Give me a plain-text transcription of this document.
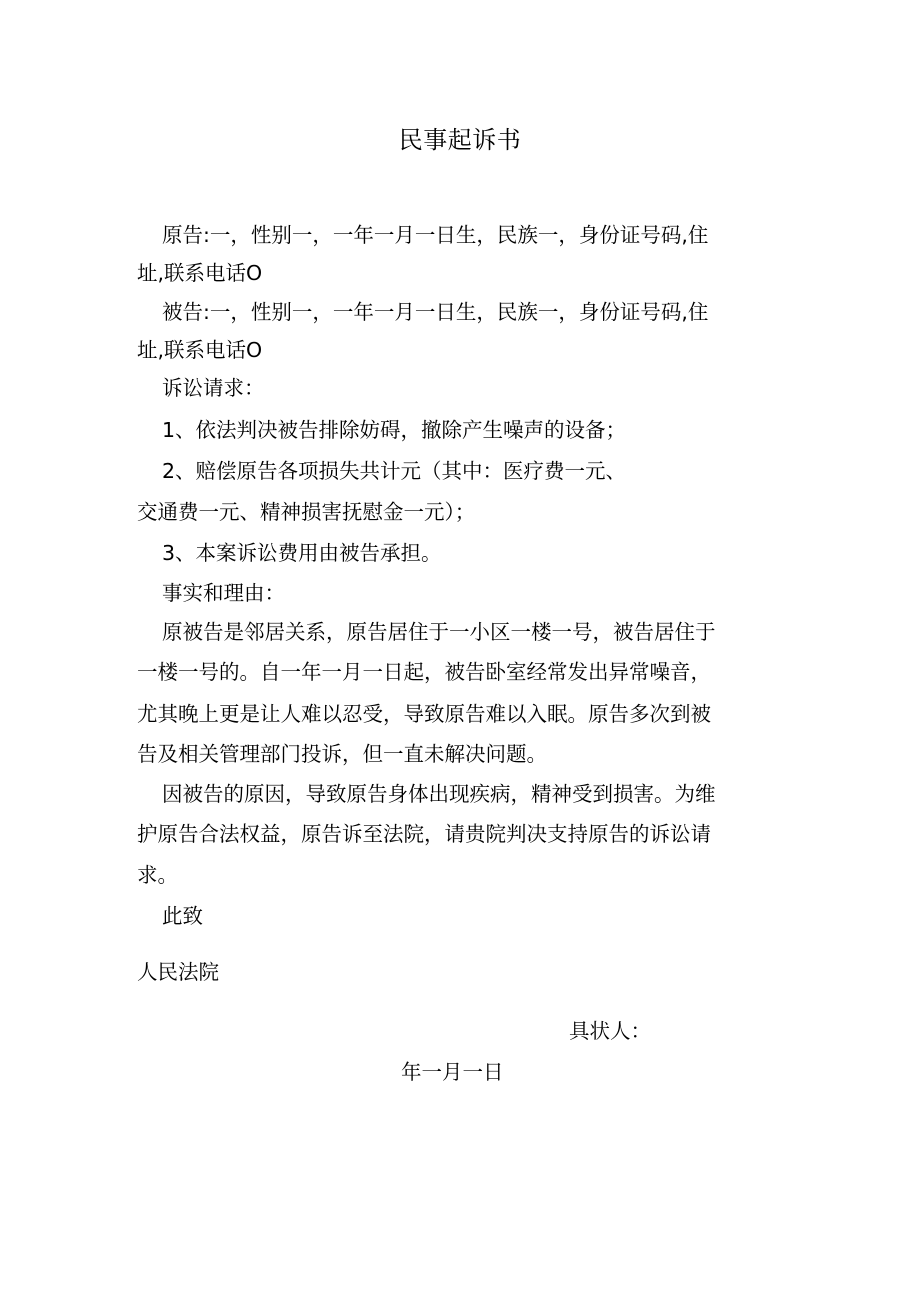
民事起诉书
原告:一，性别一，一年一月一日生，民族一，身份证号码,住
址,联系电话O
被告:一，性别一，一年一月一日生，民族一，身份证号码,住
址,联系电话O
诉讼请求：
1、依法判决被告排除妨碍，撤除产生噪声的设备；
2、赔偿原告各项损失共计元（其中：医疗费一元、
交通费一元、精神损害抚慰金一元）；
3、本案诉讼费用由被告承担。
事实和理由：
原被告是邻居关系，原告居住于一小区一楼一号，被告居住于
一楼一号的。自一年一月一日起，被告卧室经常发出异常噪音，
尤其晚上更是让人难以忍受，导致原告难以入眠。原告多次到被
告及相关管理部门投诉，但一直未解决问题。
因被告的原因，导致原告身体出现疾病，精神受到损害。为维
护原告合法权益，原告诉至法院，请贵院判决支持原告的诉讼请
求。
此致
人民法院
具状人：
年一月一日
